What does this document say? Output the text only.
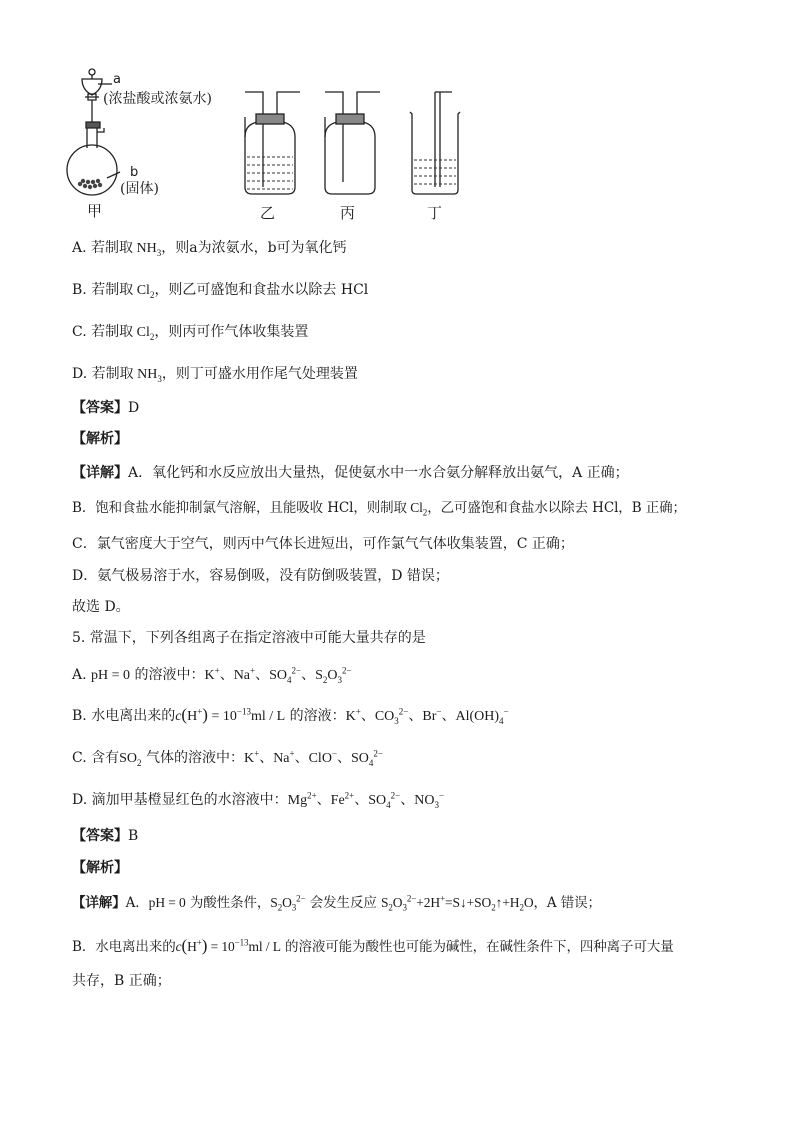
a
(浓盐酸或浓氨水)
b
(固体)
甲	乙	丙	丁
A. 若制取 $NH_3$，则a为浓氨水，b可为氧化钙
B. 若制取 $Cl_2$，则乙可盛饱和食盐水以除去 HCl
C. 若制取 $Cl_2$，则丙可作气体收集装置
D. 若制取 $NH_3$，则丁可盛水用作尾气处理装置
【答案】D
【解析】
【详解】A．氧化钙和水反应放出大量热，促使氨水中一水合氨分解释放出氨气，A 正确；
B．饱和食盐水能抑制氯气溶解，且能吸收 HCl，则制取 $Cl_2$，乙可盛饱和食盐水以除去 HCl，B 正确；
C．氯气密度大于空气，则丙中气体长进短出，可作氯气气体收集装置，C 正确；
D．氨气极易溶于水，容易倒吸，没有防倒吸装置，D 错误；
故选 D。
5. 常温下，下列各组离子在指定溶液中可能大量共存的是
A. pH = 0 的溶液中：K+、Na+、$SO_4^{2-}$、$S_2O_3^{2-}$
B. 水电离出来的$c(H^+) = 10^{-13}ml / L$ 的溶液：K+、$CO_3^{2-}$、Br−、$Al(OH)_4^-$
C. 含有$SO_2$ 气体的溶液中：K+、Na+、ClO−、$SO_4^{2-}$
D. 滴加甲基橙显红色的水溶液中：$Mg^{2+}$、$Fe^{2+}$、$SO_4^{2-}$、$NO_3^-$
【答案】B
【解析】
【详解】A．pH = 0 为酸性条件，$S_2O_3^{2-}$ 会发生反应 $S_2O_3^{2-}+2H^+=S↓+SO_2↑+H_2O$，A 错误；
B．水电离出来的$c(H^+) = 10^{-13}ml / L$ 的溶液可能为酸性也可能为碱性，在碱性条件下，四种离子可大量
共存，B 正确；
